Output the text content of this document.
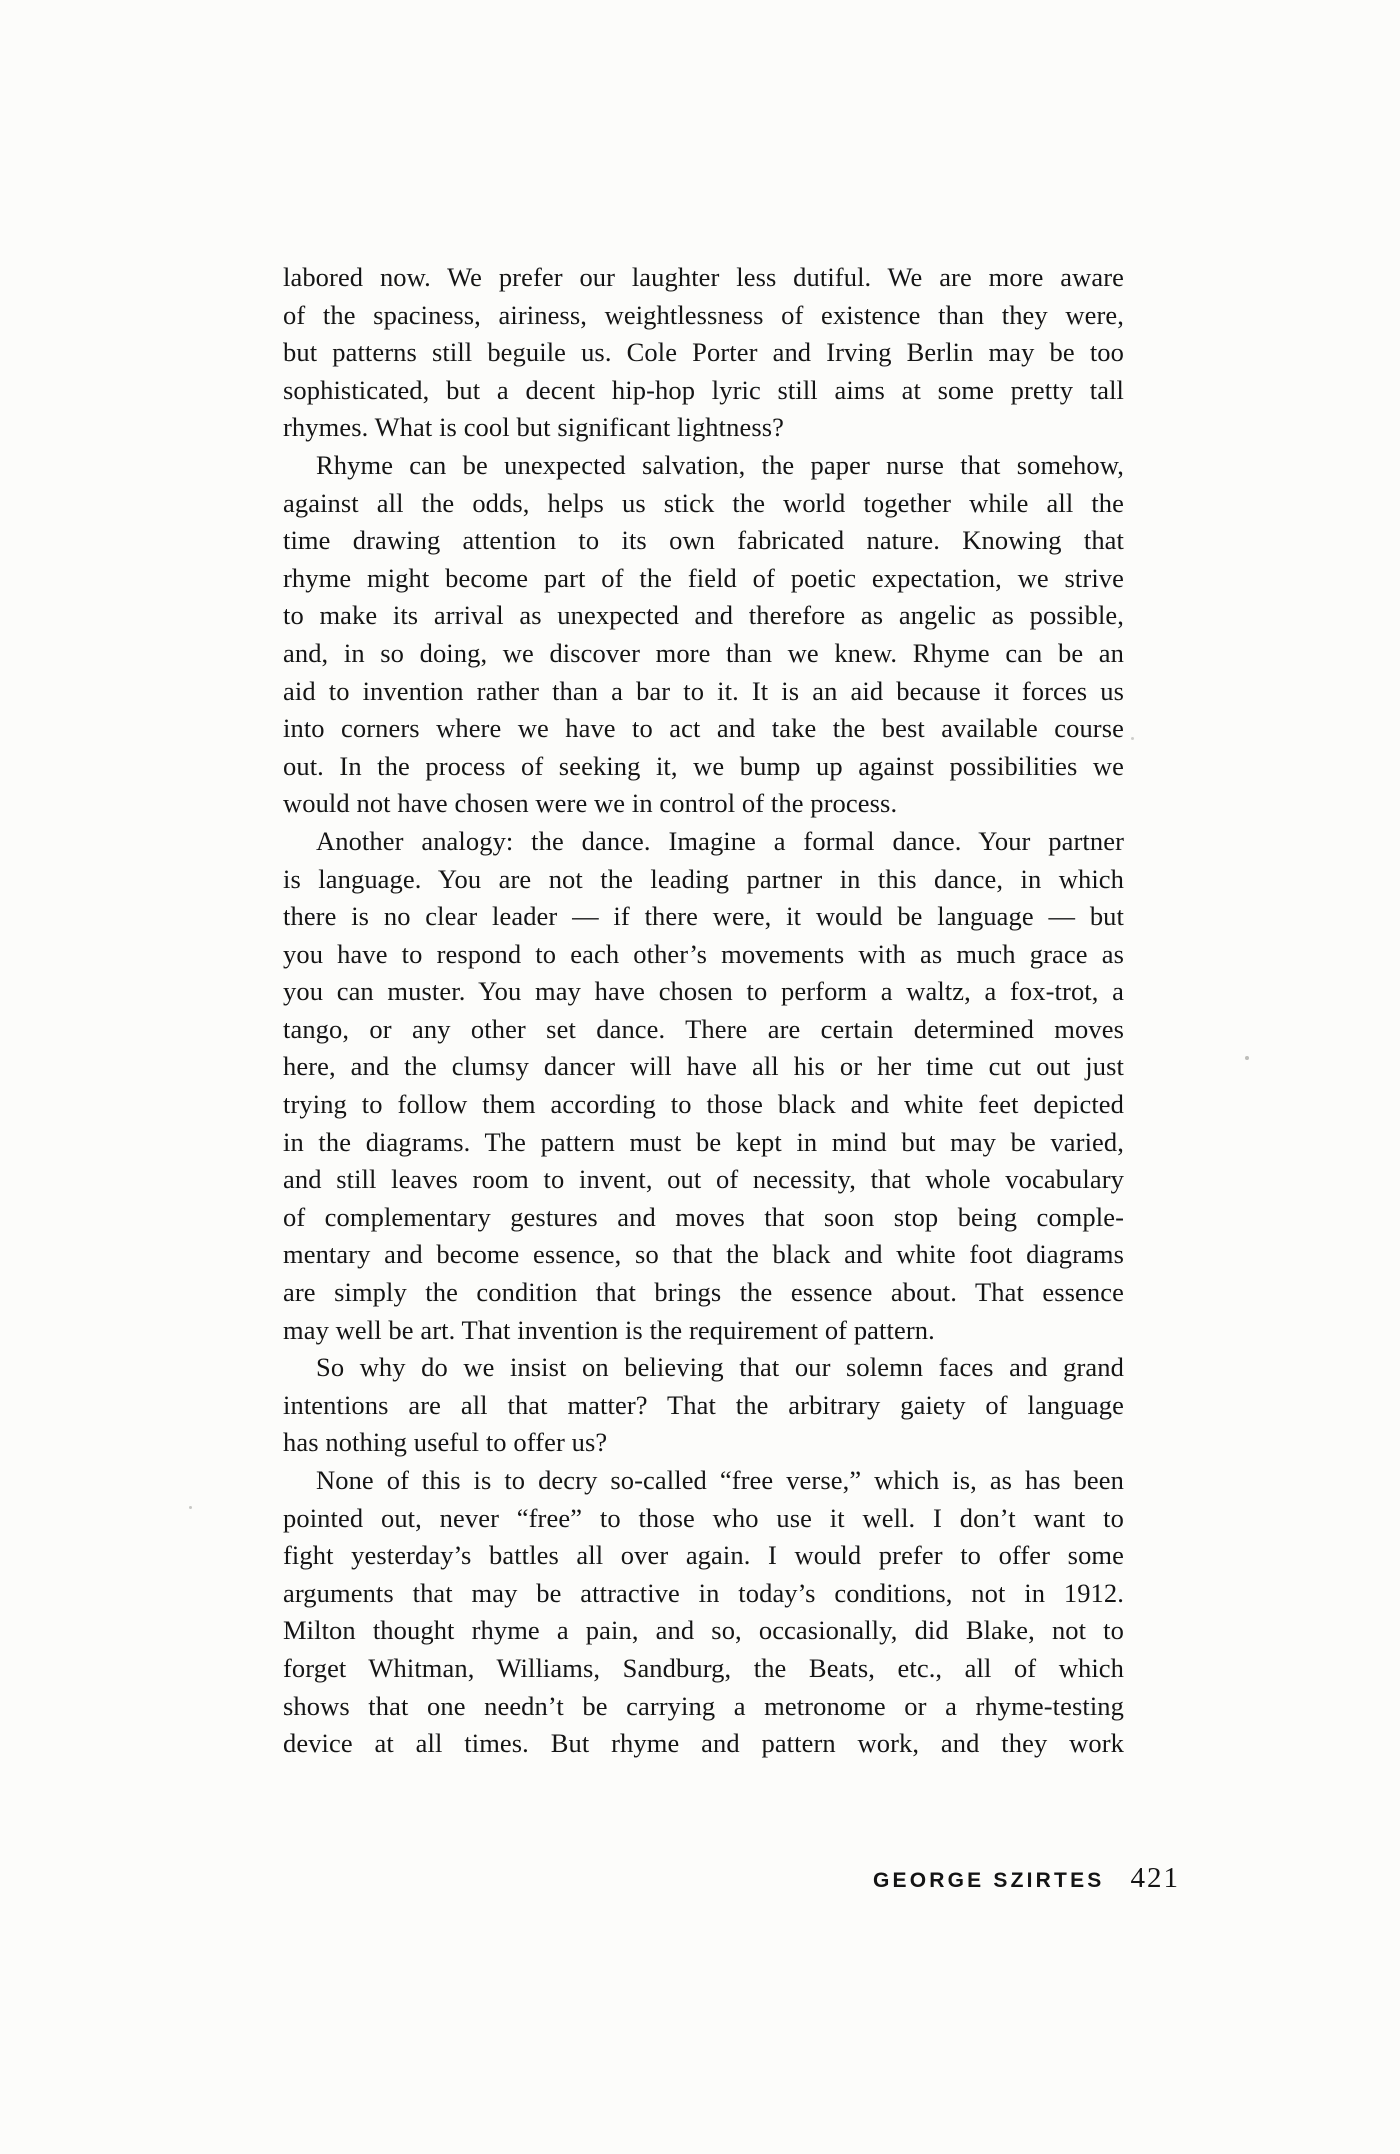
labored now. We prefer our laughter less dutiful. We are more aware
of the spaciness, airiness, weightlessness of existence than they were,
but patterns still beguile us. Cole Porter and Irving Berlin may be too
sophisticated, but a decent hip-hop lyric still aims at some pretty tall
rhymes. What is cool but significant lightness?
Rhyme can be unexpected salvation, the paper nurse that somehow,
against all the odds, helps us stick the world together while all the
time drawing attention to its own fabricated nature. Knowing that
rhyme might become part of the field of poetic expectation, we strive
to make its arrival as unexpected and therefore as angelic as possible,
and, in so doing, we discover more than we knew. Rhyme can be an
aid to invention rather than a bar to it. It is an aid because it forces us
into corners where we have to act and take the best available course
out. In the process of seeking it, we bump up against possibilities we
would not have chosen were we in control of the process.
Another analogy: the dance. Imagine a formal dance. Your partner
is language. You are not the leading partner in this dance, in which
there is no clear leader — if there were, it would be language — but
you have to respond to each other’s movements with as much grace as
you can muster. You may have chosen to perform a waltz, a fox-trot, a
tango, or any other set dance. There are certain determined moves
here, and the clumsy dancer will have all his or her time cut out just
trying to follow them according to those black and white feet depicted
in the diagrams. The pattern must be kept in mind but may be varied,
and still leaves room to invent, out of necessity, that whole vocabulary
of complementary gestures and moves that soon stop being comple-
mentary and become essence, so that the black and white foot diagrams
are simply the condition that brings the essence about. That essence
may well be art. That invention is the requirement of pattern.
So why do we insist on believing that our solemn faces and grand
intentions are all that matter? That the arbitrary gaiety of language
has nothing useful to offer us?
None of this is to decry so-called “free verse,” which is, as has been
pointed out, never “free” to those who use it well. I don’t want to
fight yesterday’s battles all over again. I would prefer to offer some
arguments that may be attractive in today’s conditions, not in 1912.
Milton thought rhyme a pain, and so, occasionally, did Blake, not to
forget Whitman, Williams, Sandburg, the Beats, etc., all of which
shows that one needn’t be carrying a metronome or a rhyme-testing
device at all times. But rhyme and pattern work, and they work
GEORGE SZIRTES 421
